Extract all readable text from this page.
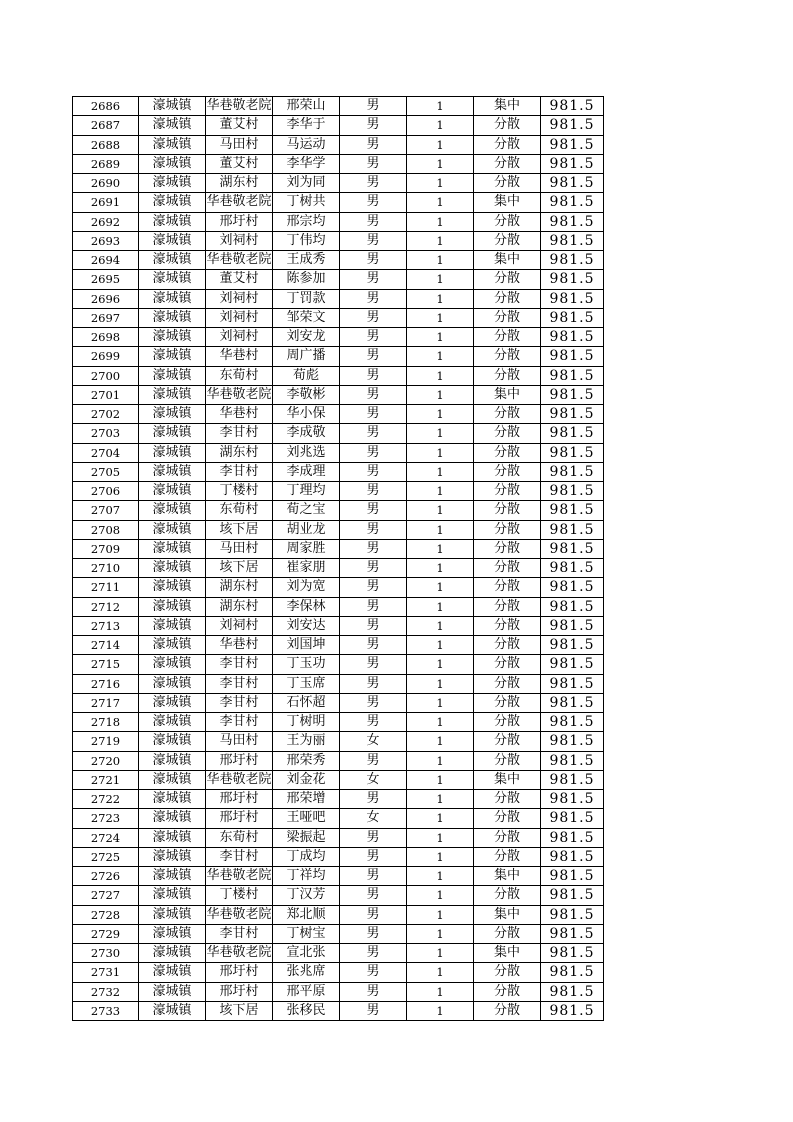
2686	濠城镇	华巷敬老院	邢荣山	男	1	集中	981.5
2687	濠城镇	董艾村	李华于	男	1	分散	981.5
2688	濠城镇	马田村	马运动	男	1	分散	981.5
2689	濠城镇	董艾村	李华学	男	1	分散	981.5
2690	濠城镇	湖东村	刘为同	男	1	分散	981.5
2691	濠城镇	华巷敬老院	丁树共	男	1	集中	981.5
2692	濠城镇	邢圩村	邢宗均	男	1	分散	981.5
2693	濠城镇	刘祠村	丁伟均	男	1	分散	981.5
2694	濠城镇	华巷敬老院	王成秀	男	1	集中	981.5
2695	濠城镇	董艾村	陈参加	男	1	分散	981.5
2696	濠城镇	刘祠村	丁罚款	男	1	分散	981.5
2697	濠城镇	刘祠村	邹荣文	男	1	分散	981.5
2698	濠城镇	刘祠村	刘安龙	男	1	分散	981.5
2699	濠城镇	华巷村	周广播	男	1	分散	981.5
2700	濠城镇	东荀村	荀彪	男	1	分散	981.5
2701	濠城镇	华巷敬老院	李敬彬	男	1	集中	981.5
2702	濠城镇	华巷村	华小保	男	1	分散	981.5
2703	濠城镇	李甘村	李成敬	男	1	分散	981.5
2704	濠城镇	湖东村	刘兆选	男	1	分散	981.5
2705	濠城镇	李甘村	李成理	男	1	分散	981.5
2706	濠城镇	丁楼村	丁理均	男	1	分散	981.5
2707	濠城镇	东荀村	荀之宝	男	1	分散	981.5
2708	濠城镇	垓下居	胡业龙	男	1	分散	981.5
2709	濠城镇	马田村	周家胜	男	1	分散	981.5
2710	濠城镇	垓下居	崔家朋	男	1	分散	981.5
2711	濠城镇	湖东村	刘为宽	男	1	分散	981.5
2712	濠城镇	湖东村	李保林	男	1	分散	981.5
2713	濠城镇	刘祠村	刘安达	男	1	分散	981.5
2714	濠城镇	华巷村	刘国坤	男	1	分散	981.5
2715	濠城镇	李甘村	丁玉功	男	1	分散	981.5
2716	濠城镇	李甘村	丁玉席	男	1	分散	981.5
2717	濠城镇	李甘村	石怀超	男	1	分散	981.5
2718	濠城镇	李甘村	丁树明	男	1	分散	981.5
2719	濠城镇	马田村	王为丽	女	1	分散	981.5
2720	濠城镇	邢圩村	邢荣秀	男	1	分散	981.5
2721	濠城镇	华巷敬老院	刘金花	女	1	集中	981.5
2722	濠城镇	邢圩村	邢荣增	男	1	分散	981.5
2723	濠城镇	邢圩村	王哑吧	女	1	分散	981.5
2724	濠城镇	东荀村	梁振起	男	1	分散	981.5
2725	濠城镇	李甘村	丁成均	男	1	分散	981.5
2726	濠城镇	华巷敬老院	丁祥均	男	1	集中	981.5
2727	濠城镇	丁楼村	丁汉芳	男	1	分散	981.5
2728	濠城镇	华巷敬老院	郑北顺	男	1	集中	981.5
2729	濠城镇	李甘村	丁树宝	男	1	分散	981.5
2730	濠城镇	华巷敬老院	宣北张	男	1	集中	981.5
2731	濠城镇	邢圩村	张兆席	男	1	分散	981.5
2732	濠城镇	邢圩村	邢平原	男	1	分散	981.5
2733	濠城镇	垓下居	张移民	男	1	分散	981.5
